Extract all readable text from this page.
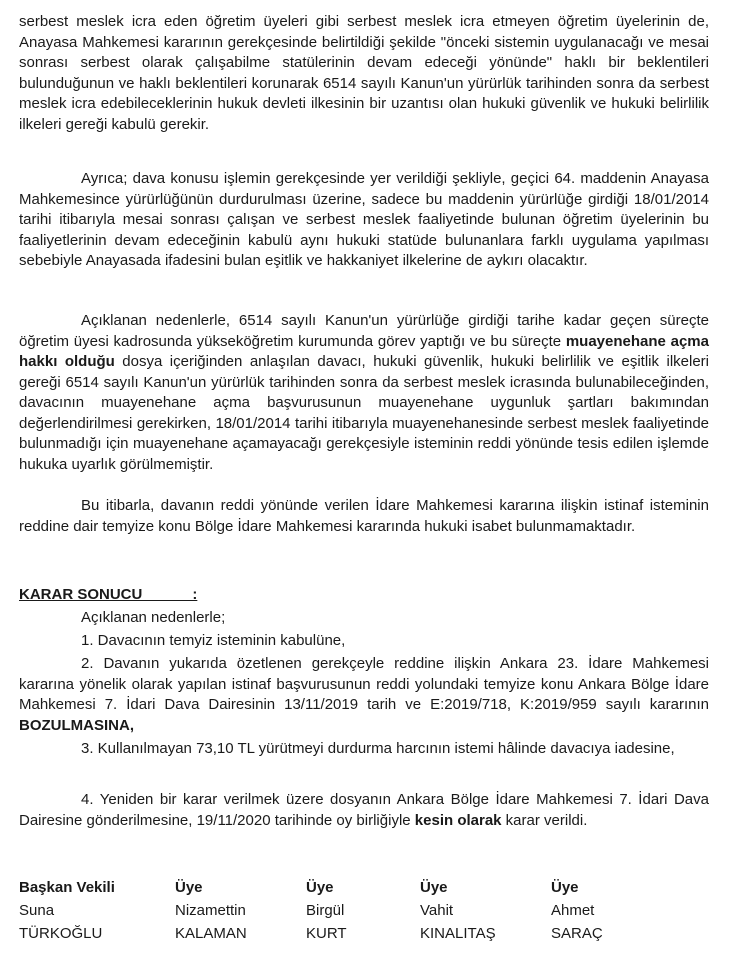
serbest meslek icra eden öğretim üyeleri gibi serbest meslek icra etmeyen öğretim üyelerinin de, Anayasa Mahkemesi kararının gerekçesinde belirtildiği şekilde "önceki sistemin uygulanacağı ve mesai sonrası serbest olarak çalışabilme statülerinin devam edeceği yönünde" haklı bir beklentileri bulunduğunun ve haklı beklentileri korunarak 6514 sayılı Kanun'un yürürlük tarihinden sonra da serbest meslek icra edebileceklerinin hukuk devleti ilkesinin bir uzantısı olan hukuki güvenlik ve hukuki belirlilik ilkeleri gereği kabulü gerekir.

Ayrıca; dava konusu işlemin gerekçesinde yer verildiği şekliyle, geçici 64. maddenin Anayasa Mahkemesince yürürlüğünün durdurulması üzerine, sadece bu maddenin yürürlüğe girdiği 18/01/2014 tarihi itibarıyla mesai sonrası çalışan ve serbest meslek faaliyetinde bulunan öğretim üyelerinin bu faaliyetlerinin devam edeceğinin kabulü aynı hukuki statüde bulunanlara farklı uygulama yapılması sebebiyle Anayasada ifadesini bulan eşitlik ve hakkaniyet ilkelerine de aykırı olacaktır.

Açıklanan nedenlerle, 6514 sayılı Kanun'un yürürlüğe girdiği tarihe kadar geçen süreçte öğretim üyesi kadrosunda yükseköğretim kurumunda görev yaptığı ve bu süreçte muayenehane açma hakkı olduğu dosya içeriğinden anlaşılan davacı, hukuki güvenlik, hukuki belirlilik ve eşitlik ilkeleri gereği 6514 sayılı Kanun'un yürürlük tarihinden sonra da serbest meslek icrasında bulunabileceğinden, davacının muayenehane açma başvurusunun muayenehane uygunluk şartları bakımından değerlendirilmesi gerekirken, 18/01/2014 tarihi itibarıyla muayenehanesinde serbest meslek faaliyetinde bulunmadığı için muayenehane açamayacağı gerekçesiyle isteminin reddi yönünde tesis edilen işlemde hukuka uyarlık görülmemiştir.

Bu itibarla, davanın reddi yönünde verilen İdare Mahkemesi kararına ilişkin istinaf isteminin reddine dair temyize konu Bölge İdare Mahkemesi kararında hukuki isabet bulunmamaktadır.

KARAR SONUCU            :

Açıklanan nedenlerle;

1. Davacının temyiz isteminin kabulüne,

2. Davanın yukarıda özetlenen gerekçeyle reddine ilişkin Ankara 23. İdare Mahkemesi kararına yönelik olarak yapılan istinaf başvurusunun reddi yolundaki temyize konu Ankara Bölge İdare Mahkemesi 7. İdari Dava Dairesinin 13/11/2019 tarih ve E:2019/718, K:2019/959 sayılı kararının BOZULMASINA,

3. Kullanılmayan 73,10 TL yürütmeyi durdurma harcının istemi hâlinde davacıya iadesine,

4. Yeniden bir karar verilmek üzere dosyanın Ankara Bölge İdare Mahkemesi 7. İdari Dava Dairesine gönderilmesine, 19/11/2020 tarihinde oy birliğiyle kesin olarak karar verildi.

Başkan Vekili
Suna
TÜRKOĞLU
Üye
Nizamettin
KALAMAN
Üye
Birgül
KURT
Üye
Vahit
KINALITAŞ
Üye
Ahmet
SARAÇ
